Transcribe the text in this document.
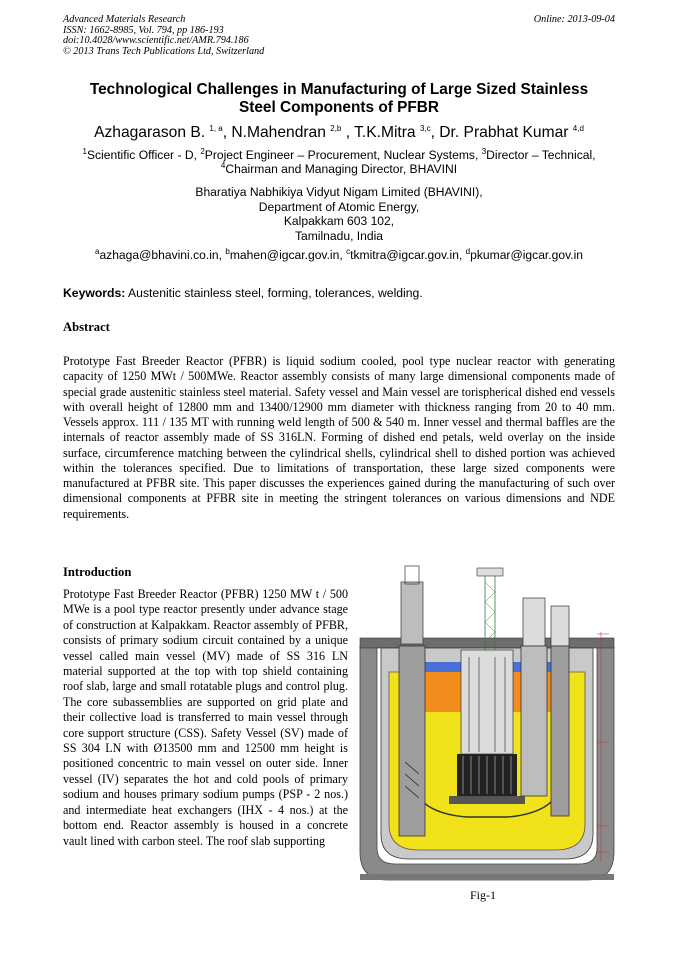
Advanced Materials Research
ISSN: 1662-8985, Vol. 794, pp 186-193
doi:10.4028/www.scientific.net/AMR.794.186
© 2013 Trans Tech Publications Ltd, Switzerland
Online: 2013-09-04
Technological Challenges in Manufacturing of Large Sized Stainless
Steel Components of PFBR
Azhagarason B. $^{1, a}$, N.Mahendran $^{2,b}$ , T.K.Mitra $^{3,c}$, Dr. Prabhat Kumar $^{4,d}$
$^1$Scientific Officer - D, $^2$Project Engineer – Procurement, Nuclear Systems, $^3$Director – Technical,
$^4$Chairman and Managing Director, BHAVINI
Bharatiya Nabhikiya Vidyut Nigam Limited (BHAVINI),
Department of Atomic Energy,
Kalpakkam 603 102,
Tamilnadu, India
$^a$azhaga@bhavini.co.in, $^b$mahen@igcar.gov.in, $^c$tkmitra@igcar.gov.in, $^d$pkumar@igcar.gov.in
Keywords: Austenitic stainless steel, forming, tolerances, welding.
Abstract
Prototype Fast Breeder Reactor (PFBR) is liquid sodium cooled, pool type nuclear reactor with generating capacity of 1250 MWt / 500MWe. Reactor assembly consists of many large dimensional components made of special grade austenitic stainless steel material. Safety vessel and Main vessel are torispherical dished end vessels with overall height of 12800 mm and 13400/12900 mm diameter with thickness ranging from 20 to 40 mm. Vessels approx. 111 / 135 MT with running weld length of 500 & 540 m. Inner vessel and thermal baffles are the internals of reactor assembly made of SS 316LN. Forming of dished end petals, weld overlay on the inside surface, circumference matching between the cylindrical shells, cylindrical shell to dished portion was achieved within the tolerances specified. Due to limitations of transportation, these large sized components were manufactured at PFBR site. This paper discusses the experiences gained during the manufacturing of such over dimensional components at PFBR site in meeting the stringent tolerances on various dimensions and NDE requirements.
Introduction
Prototype Fast Breeder Reactor (PFBR) 1250 MW t / 500 MWe is a pool type reactor presently under advance stage of construction at Kalpakkam. Reactor assembly of PFBR, consists of primary sodium circuit contained by a unique vessel called main vessel (MV) made of SS 316 LN material supported at the top with top shield containing roof slab, large and small rotatable plugs and control plug. The core subassemblies are supported on grid plate and their collective load is transferred to main vessel through core support structure (CSS). Safety Vessel (SV) made of SS 304 LN with Ø13500 mm and 12500 mm height is positioned concentric to main vessel on outer side. Inner vessel (IV) separates the hot and cold pools of primary sodium and houses primary sodium pumps (PSP - 2 nos.) and intermediate heat exchangers (IHX - 4 nos.) at the bottom end. Reactor assembly is housed in a concrete vault lined with carbon steel. The roof slab supporting
Fig-1
